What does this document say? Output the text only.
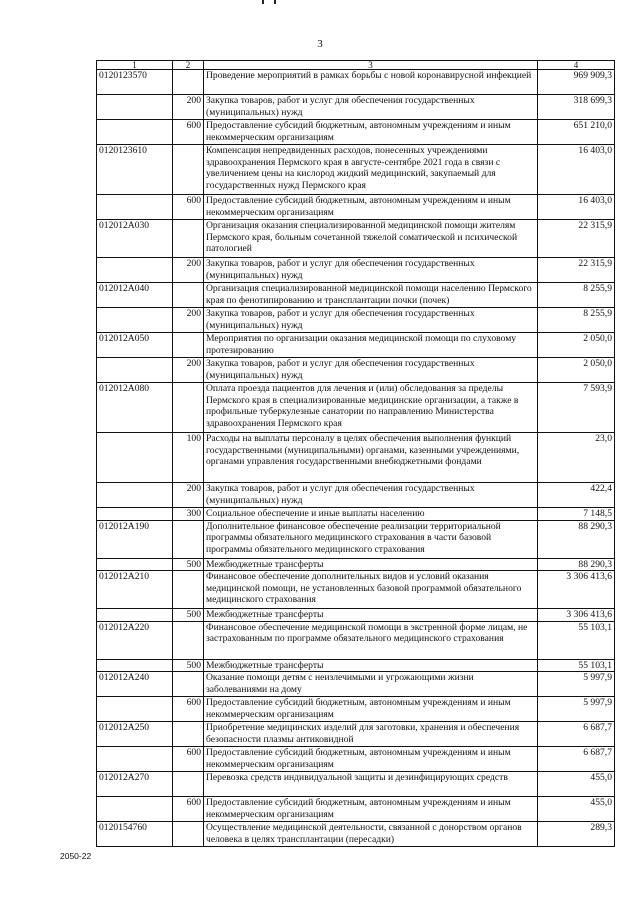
3
1	2	3	4
0120123570		Проведение мероприятий в рамках борьбы с новой коронавирусной инфекцией	969 909,3
	200	Закупка товаров, работ и услуг для обеспечения государственных (муниципальных) нужд	318 699,3
	600	Предоставление субсидий бюджетным, автономным учреждениям и иным некоммерческим организациям	651 210,0
0120123610		Компенсация непредвиденных расходов, понесенных учреждениями здравоохранения Пермского края в августе-сентябре 2021 года в связи с увеличением цены на кислород жидкий медицинский, закупаемый для государственных нужд Пермского края	16 403,0
	600	Предоставление субсидий бюджетным, автономным учреждениям и иным некоммерческим организациям	16 403,0
012012А030		Организация оказания специализированной медицинской помощи жителям Пермского края, больным сочетанной тяжелой соматической и психической патологией	22 315,9
	200	Закупка товаров, работ и услуг для обеспечения государственных (муниципальных) нужд	22 315,9
012012А040		Организация специализированной медицинской помощи населению Пермского края по фенотипированию и трансплантации почки (почек)	8 255,9
	200	Закупка товаров, работ и услуг для обеспечения государственных (муниципальных) нужд	8 255,9
012012А050		Мероприятия по организации оказания медицинской помощи по слуховому протезированию	2 050,0
	200	Закупка товаров, работ и услуг для обеспечения государственных (муниципальных) нужд	2 050,0
012012А080		Оплата проезда пациентов для лечения и (или) обследования за пределы Пермского края в специализированные медицинские организации, а также в профильные туберкулезные санатории по направлению Министерства здравоохранения Пермского края	7 593,9
	100	Расходы на выплаты персоналу в целях обеспечения выполнения функций государственными (муниципальными) органами, казенными учреждениями, органами управления государственными внебюджетными фондами	23,0
	200	Закупка товаров, работ и услуг для обеспечения государственных (муниципальных) нужд	422,4
	300	Социальное обеспечение и иные выплаты населению	7 148,5
012012А190		Дополнительное финансовое обеспечение реализации территориальной программы обязательного медицинского страхования в части базовой программы обязательного медицинского страхования	88 290,3
	500	Межбюджетные трансферты	88 290,3
012012А210		Финансовое обеспечение дополнительных видов и условий оказания медицинской помощи, не установленных базовой программой обязательного медицинского страхования	3 306 413,6
	500	Межбюджетные трансферты	3 306 413,6
012012А220		Финансовое обеспечение медицинской помощи в экстренной форме лицам, не застрахованным по программе обязательного медицинского страхования	55 103,1
	500	Межбюджетные трансферты	55 103,1
012012А240		Оказание помощи детям с неизлечимыми и угрожающими жизни заболеваниями на дому	5 997,9
	600	Предоставление субсидий бюджетным, автономным учреждениям и иным некоммерческим организациям	5 997,9
012012А250		Приобретение медицинских изделий для заготовки, хранения и обеспечения безопасности плазмы антиковидной	6 687,7
	600	Предоставление субсидий бюджетным, автономным учреждениям и иным некоммерческим организациям	6 687,7
012012А270		Перевозка средств индивидуальной защиты и дезинфицирующих средств	455,0
	600	Предоставление субсидий бюджетным, автономным учреждениям и иным некоммерческим организациям	455,0
0120154760		Осуществление медицинской деятельности, связанной с донорством органов человека в целях трансплантации (пересадки)	289,3
2050-22
